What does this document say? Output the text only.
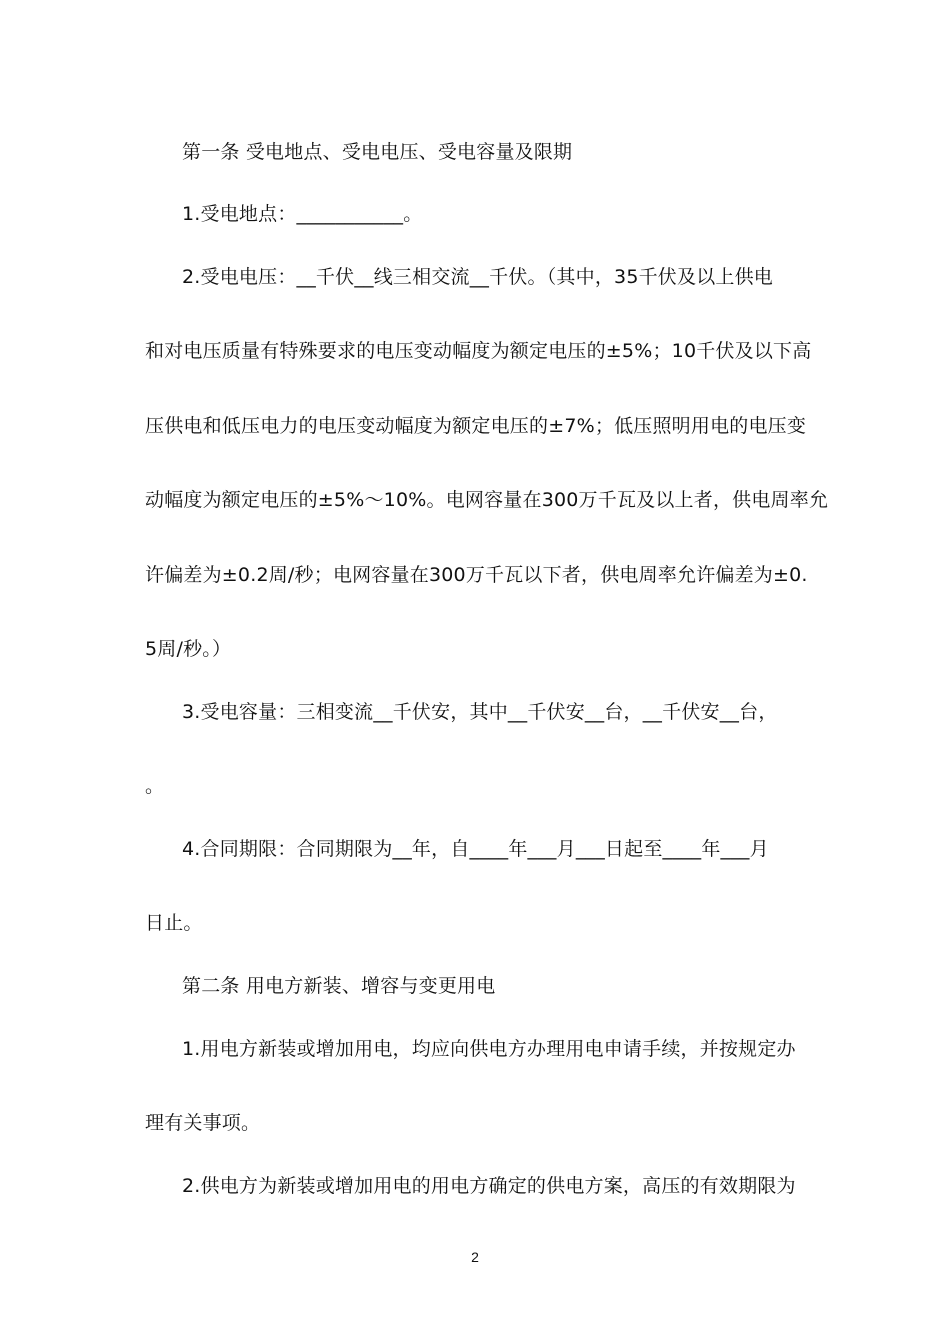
第一条 受电地点、受电电压、受电容量及限期
1.受电地点：___________。
2.受电电压：__千伏__线三相交流__千伏。（其中，35千伏及以上供电
和对电压质量有特殊要求的电压变动幅度为额定电压的±5%；10千伏及以下高
压供电和低压电力的电压变动幅度为额定电压的±7%；低压照明用电的电压变
动幅度为额定电压的±5%～10%。电网容量在300万千瓦及以上者，供电周率允
许偏差为±0.2周/秒；电网容量在300万千瓦以下者，供电周率允许偏差为±0.
5周/秒。）
3.受电容量：三相变流__千伏安，其中__千伏安__台，__千伏安__台，
。
4.合同期限：合同期限为__年，自____年___月___日起至____年___月
日止。
第二条 用电方新装、增容与变更用电
1.用电方新装或增加用电，均应向供电方办理用电申请手续，并按规定办
理有关事项。
2.供电方为新装或增加用电的用电方确定的供电方案，高压的有效期限为
2
